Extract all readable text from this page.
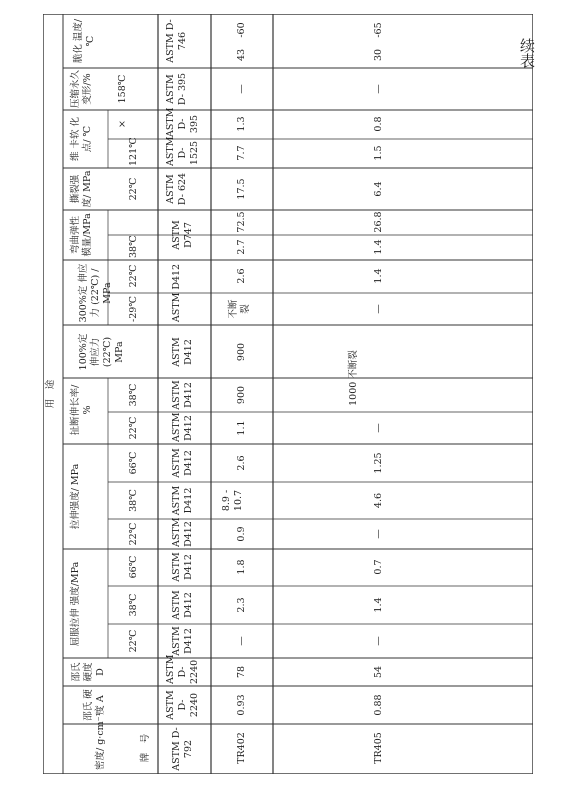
续表
密度/ g·cm⁻¹
邵氏 硬度 A
邵氏 硬度 D
屈服拉伸 强度/MPa
拉伸强度/ MPa
扯断伸长率/ %
100%定 伸应力 (22℃) MPa
300%定 伸应力 (22℃) / MPa
弯曲弹性 模量/MPa
撕裂强度/ MPa
维 卡软 化点/ ℃
压缩永久 变形/%
脆化 温度/ ℃
用　途
牌　号
22℃
38℃
66℃
22℃
38℃
66℃
22℃
38℃
-29℃
22℃
38℃
22℃
121℃
×
158℃
ASTM D-792
ASTM D- 2240
ASTM D- 2240
ASTM D412
ASTM D412
ASTM D412
ASTM D412
ASTM D412
ASTM D412
ASTM D412
ASTM D412
ASTM D412
ASTM D412
ASTM D747
ASTM D- 624
ASTM D- 1525
ASTM D- 395
ASTM D- 395
ASTM D- 746
TR402
0.93
78
—
2.3
1.8
0.9
8.9 - 10.7
2.6
1.1
900
900
不断裂
2.6
2.7
72.5
17.5
7.7
1.3
—
43
-60
TR405
0.88
54
—
1.4
0.7
—
4.6
1.25
—
1000 不断裂
—
1.4
1.4
26.8
6.4
1.5
0.8
—
30
-65
